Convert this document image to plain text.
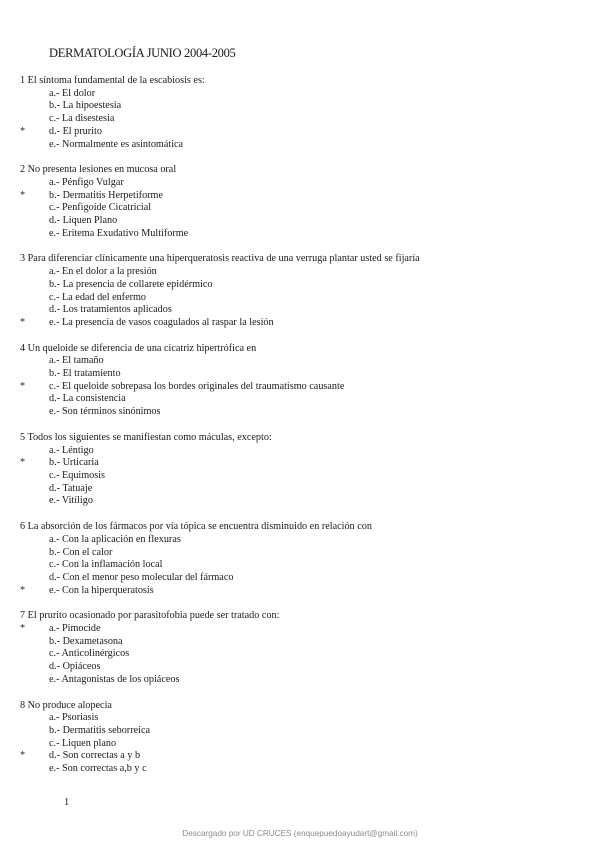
DERMATOLOGÍA JUNIO 2004-2005
1 El síntoma fundamental de la escabiosis es:
a.- El dolor
b.- La hipoestesia
c.- La disestesia
* d.- El prurito
e.- Normalmente es asintomática
2 No presenta lesiones en mucosa oral
a.- Pénfigo Vulgar
* b.- Dermatitis Herpetiforme
c.- Penfigoide Cicatricial
d.- Liquen Plano
e.- Eritema Exudativo Multiforme
3 Para diferenciar clínicamente una hiperqueratosis reactiva de una verruga plantar usted se fijaría
a.- En el dolor a la presión
b.- La presencia de collarete epidérmico
c.- La edad del enfermo
d.- Los tratamientos aplicados
* e.- La presencia de vasos coagulados al raspar la lesión
4 Un queloide se diferencia de una cicatriz hipertrófica en
a.- El tamaño
b.- El tratamiento
* c.- El queloide sobrepasa los bordes originales del traumatismo causante
d.- La consistencia
e.- Son términos sinónimos
5 Todos los siguientes se manifiestan como máculas, excepto:
a.- Léntigo
* b.- Urticaria
c.- Equimosis
d.- Tatuaje
e.- Vitíligo
6 La absorción de los fármacos por vía tópica se encuentra disminuido en relación con
a.- Con la aplicación en flexuras
b.- Con el calor
c.- Con la inflamación local
d.- Con el menor peso molecular del fármaco
* e.- Con la hiperqueratosis
7 El prurito ocasionado por parasitofobia puede ser tratado con:
* a.- Pimocide
b.- Dexametasona
c.- Anticolinérgicos
d.- Opiáceos
e.- Antagonistas de los opiáceos
8 No produce alopecia
a.- Psoriasis
b.- Dermatitis seborreica
c.- Liquen plano
* d.- Son correctas a y b
e.- Son correctas a,b y c
1
Descargado por UD CRUCES (enquepuedoayudart@gmail.com)
